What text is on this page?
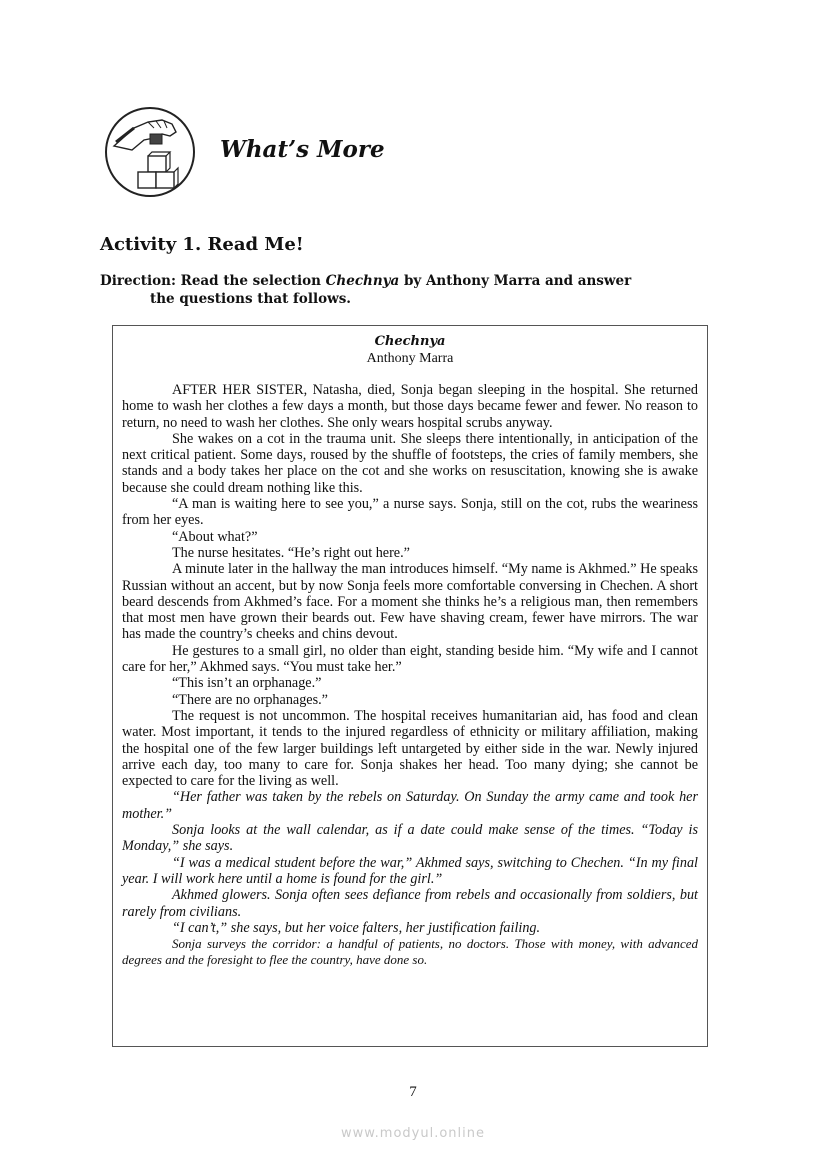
What’s More
Activity 1. Read Me!
Direction: Read the selection Chechnya by Anthony Marra and answer
the questions that follows.
Chechnya
Anthony Marra

AFTER HER SISTER, Natasha, died, Sonja began sleeping in the hospital. She returned home to wash her clothes a few days a month, but those days became fewer and fewer. No reason to return, no need to wash her clothes. She only wears hospital scrubs anyway.

She wakes on a cot in the trauma unit. She sleeps there intentionally, in anticipation of the next critical patient. Some days, roused by the shuffle of footsteps, the cries of family members, she stands and a body takes her place on the cot and she works on resuscitation, knowing she is awake because she could dream nothing like this.

“A man is waiting here to see you,” a nurse says. Sonja, still on the cot, rubs the weariness from her eyes.

“About what?”

The nurse hesitates. “He’s right out here.”

A minute later in the hallway the man introduces himself. “My name is Akhmed.” He speaks Russian without an accent, but by now Sonja feels more comfortable conversing in Chechen. A short beard descends from Akhmed’s face. For a moment she thinks he’s a religious man, then remembers that most men have grown their beards out. Few have shaving cream, fewer have mirrors. The war has made the country’s cheeks and chins devout.

He gestures to a small girl, no older than eight, standing beside him. “My wife and I cannot care for her,” Akhmed says. “You must take her.”

“This isn’t an orphanage.”

“There are no orphanages.”

The request is not uncommon. The hospital receives humanitarian aid, has food and clean water. Most important, it tends to the injured regardless of ethnicity or military affiliation, making the hospital one of the few larger buildings left untargeted by either side in the war. Newly injured arrive each day, too many to care for. Sonja shakes her head. Too many dying; she cannot be expected to care for the living as well.

“Her father was taken by the rebels on Saturday. On Sunday the army came and took her mother.”

Sonja looks at the wall calendar, as if a date could make sense of the times. “Today is Monday,” she says.

“I was a medical student before the war,” Akhmed says, switching to Chechen. “In my final year. I will work here until a home is found for the girl.”

Akhmed glowers. Sonja often sees defiance from rebels and occasionally from soldiers, but rarely from civilians.

“I can’t,” she says, but her voice falters, her justification failing.

Sonja surveys the corridor: a handful of patients, no doctors. Those with money, with advanced degrees and the foresight to flee the country, have done so.

7
www.modyul.online
